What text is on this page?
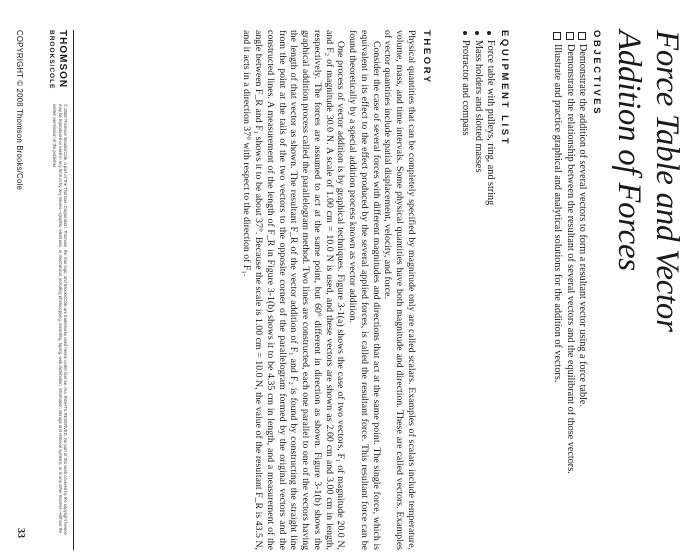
Force Table and Vector
Addition of Forces
OBJECTIVES
Demonstrate the addition of several vectors to form a resultant vector using a force table.
Demonstrate the relationship between the resultant of several vectors and the equilibrant of those vectors.
Illustrate and practice graphical and analytical solutions for the addition of vectors.
EQUIPMENT LIST
Force table with pulleys, ring, and string
Mass holders and slotted masses
Protractor and compass
THEORY

Physical quantities that can be completely specified by magnitude only are called scalars. Examples of scalars include temperature, volume, mass, and time intervals. Some physical quantities have both magnitude and direction. These are called vectors. Examples of vector quantities include spatial displacement, velocity, and force.

Consider the case of several forces with different magnitudes and directions that act at the same point. The single force, which is equivalent in its effect to the effect produced by the several applied forces, is called the resultant force. This resultant force can be found theoretically by a special addition process known as vector addition.

One process of vector addition is by graphical techniques. Figure 3-1(a) shows the case of two vectors, F₁ of magnitude 20.0 N, and F₂ of magnitude 30.0 N. A scale of 1.00 cm = 10.0 N is used, and these vectors are shown as 2.00 cm and 3.00 cm in length, respectively. The forces are assumed to act at the same point, but 60° different in direction as shown. Figure 3-1(b) shows the graphical addition process called the parallelogram method. Two lines are constructed, each one parallel to one of the vectors having the length of that vector as shown. The resultant F_R of the vector addition of F₁ and F₂ is found by constructing the straight line from the point at the tails of the two vectors to the opposite corner of the parallelogram formed by the original vectors and the constructed lines. A measurement of the length of F_R in Figure 3-1(b) shows it to be 4.35 cm in length, and a measurement of the angle between F_R and F₁ shows it to be about 37°. Because the scale is 1.00 cm = 10.0 N, the value of the resultant F_R is 43.5 N, and it acts in a direction 37° with respect to the direction of F₁.

THOMSON
BROOKS/COLE
© 2008 Thomson Brooks/Cole, a part of The Thomson Corporation. Thomson, the Star logo, and Brooks/Cole are trademarks used herein under license. ALL RIGHTS RESERVED. No part of this work covered by the copyright hereon may be reproduced or used in any form or by any means—graphic, electronic, or mechanical, including photocopying, recording, taping, web distribution, information storage and retrieval systems, or in any other manner—without the written permission of the publisher.
COPYRIGHT © 2008 Thomson Brooks/Cole
33
